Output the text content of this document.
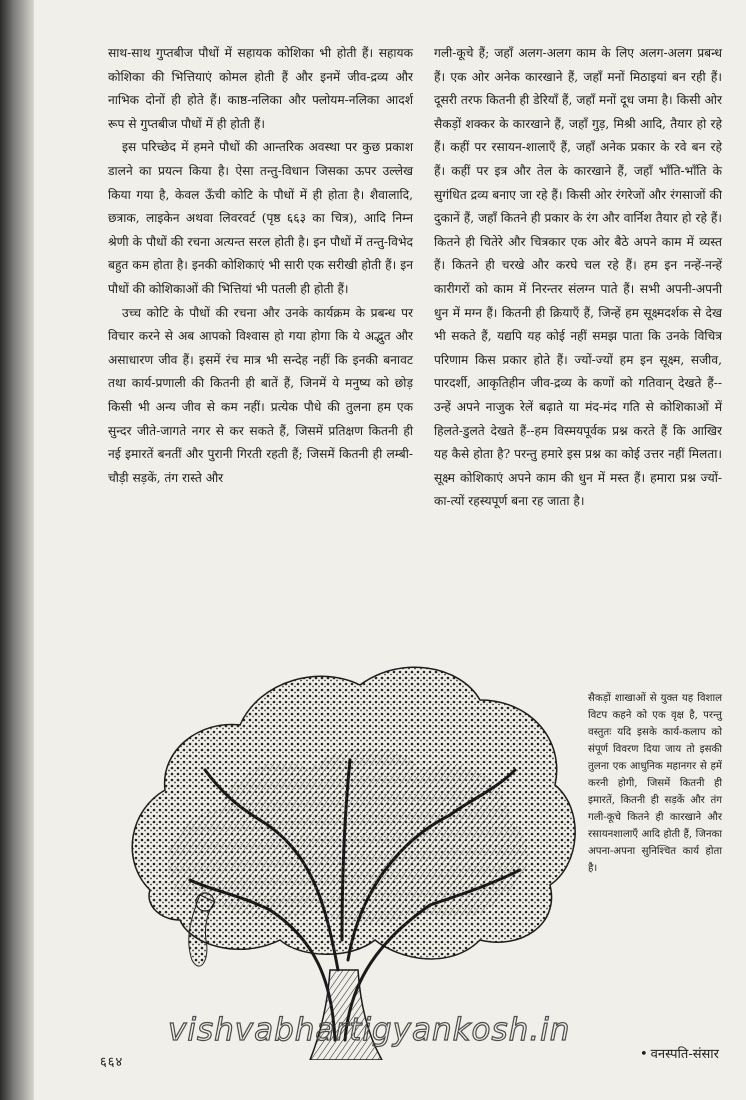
साथ-साथ गुप्तबीज पौधों में सहायक कोशिका भी होती हैं। सहायक कोशिका की भित्तियाएं कोमल होती हैं और इनमें जीव-द्रव्य और नाभिक दोनों ही होते हैं। काष्ठ-नलिका और फ्लोयम-नलिका आदर्श रूप से गुप्तबीज पौधों में ही होती हैं।

इस परिच्छेद में हमने पौधों की आन्तरिक अवस्था पर कुछ प्रकाश डालने का प्रयत्न किया है। ऐसा तन्तु-विधान जिसका ऊपर उल्लेख किया गया है, केवल ऊँची कोटि के पौधों में ही होता है। शैवालादि, छत्राक, लाइकेन अथवा लिवरवर्ट (पृष्ठ ६६३ का चित्र), आदि निम्न श्रेणी के पौधों की रचना अत्यन्त सरल होती है। इन पौधों में तन्तु-विभेद बहुत कम होता है। इनकी कोशिकाएं भी सारी एक सरीखी होती हैं। इन पौधों की कोशिकाओं की भित्तियां भी पतली ही होती हैं।

उच्च कोटि के पौधों की रचना और उनके कार्यक्रम के प्रबन्ध पर विचार करने से अब आपको विश्वास हो गया होगा कि ये अद्भुत और असाधारण जीव हैं। इसमें रंच मात्र भी सन्देह नहीं कि इनकी बनावट तथा कार्य-प्रणाली की कितनी ही बातें हैं, जिनमें ये मनुष्य को छोड़ किसी भी अन्य जीव से कम नहीं। प्रत्येक पौधे की तुलना हम एक सुन्दर जीते-जागते नगर से कर सकते हैं, जिसमें प्रतिक्षण कितनी ही नई इमारतें बनतीं और पुरानी गिरती रहती हैं; जिसमें कितनी ही लम्बी-चौड़ी सड़कें, तंग रास्ते और

गली-कूचे हैं; जहाँ अलग-अलग काम के लिए अलग-अलग प्रबन्ध हैं। एक ओर अनेक कारखाने हैं, जहाँ मनों मिठाइयां बन रही हैं। दूसरी तरफ कितनी ही डेरियाँ हैं, जहाँ मनों दूध जमा है। किसी ओर सैकड़ों शक्कर के कारखाने हैं, जहाँ गुड़, मिश्री आदि, तैयार हो रहे हैं। कहीं पर रसायन-शालाएँ हैं, जहाँ अनेक प्रकार के रवे बन रहे हैं। कहीं पर इत्र और तेल के कारखाने हैं, जहाँ भाँति-भाँति के सुगंधित द्रव्य बनाए जा रहे हैं। किसी ओर रंगरेजों और रंगसाजों की दुकानें हैं, जहाँ कितने ही प्रकार के रंग और वार्निश तैयार हो रहे हैं। कितने ही चितेरे और चित्रकार एक ओर बैठे अपने काम में व्यस्त हैं। कितने ही चरखे और करघे चल रहे हैं। हम इन नन्हें-नन्हें कारीगरों को काम में निरन्तर संलग्न पाते हैं। सभी अपनी-अपनी धुन में मग्न हैं। कितनी ही क्रियाएँ हैं, जिन्हें हम सूक्ष्मदर्शक से देख भी सकते हैं, यद्यपि यह कोई नहीं समझ पाता कि उनके विचित्र परिणाम किस प्रकार होते हैं। ज्यों-ज्यों हम इन सूक्ष्म, सजीव, पारदर्शी, आकृतिहीन जीव-द्रव्य के कणों को गतिवान् देखते हैं--उन्हें अपने नाजुक रेलें बढ़ाते या मंद-मंद गति से कोशिकाओं में हिलते-डुलते देखते हैं--हम विस्मयपूर्वक प्रश्न करते हैं कि आखिर यह कैसे होता है? परन्तु हमारे इस प्रश्न का कोई उत्तर नहीं मिलता। सूक्ष्म कोशिकाएं अपने काम की धुन में मस्त हैं। हमारा प्रश्न ज्यों-का-त्यों रहस्यपूर्ण बना रह जाता है।

सैकड़ों शाखाओं से युक्त यह विशाल विटप कहने को एक वृक्ष है, परन्तु वस्तुतः यदि इसके कार्य-कलाप को संपूर्ण विवरण दिया जाय तो इसकी तुलना एक आधुनिक महानगर से हमें करनी होगी, जिसमें कितनी ही इमारतें, कितनी ही सड़कें और तंग गली-कूचे कितने ही कारखाने और रसायनशालाएँ आदि होती हैं, जिनका अपना-अपना सुनिश्चित कार्य होता है।
vishvabhartigyankosh.in
६६४
• वनस्पति-संसार
